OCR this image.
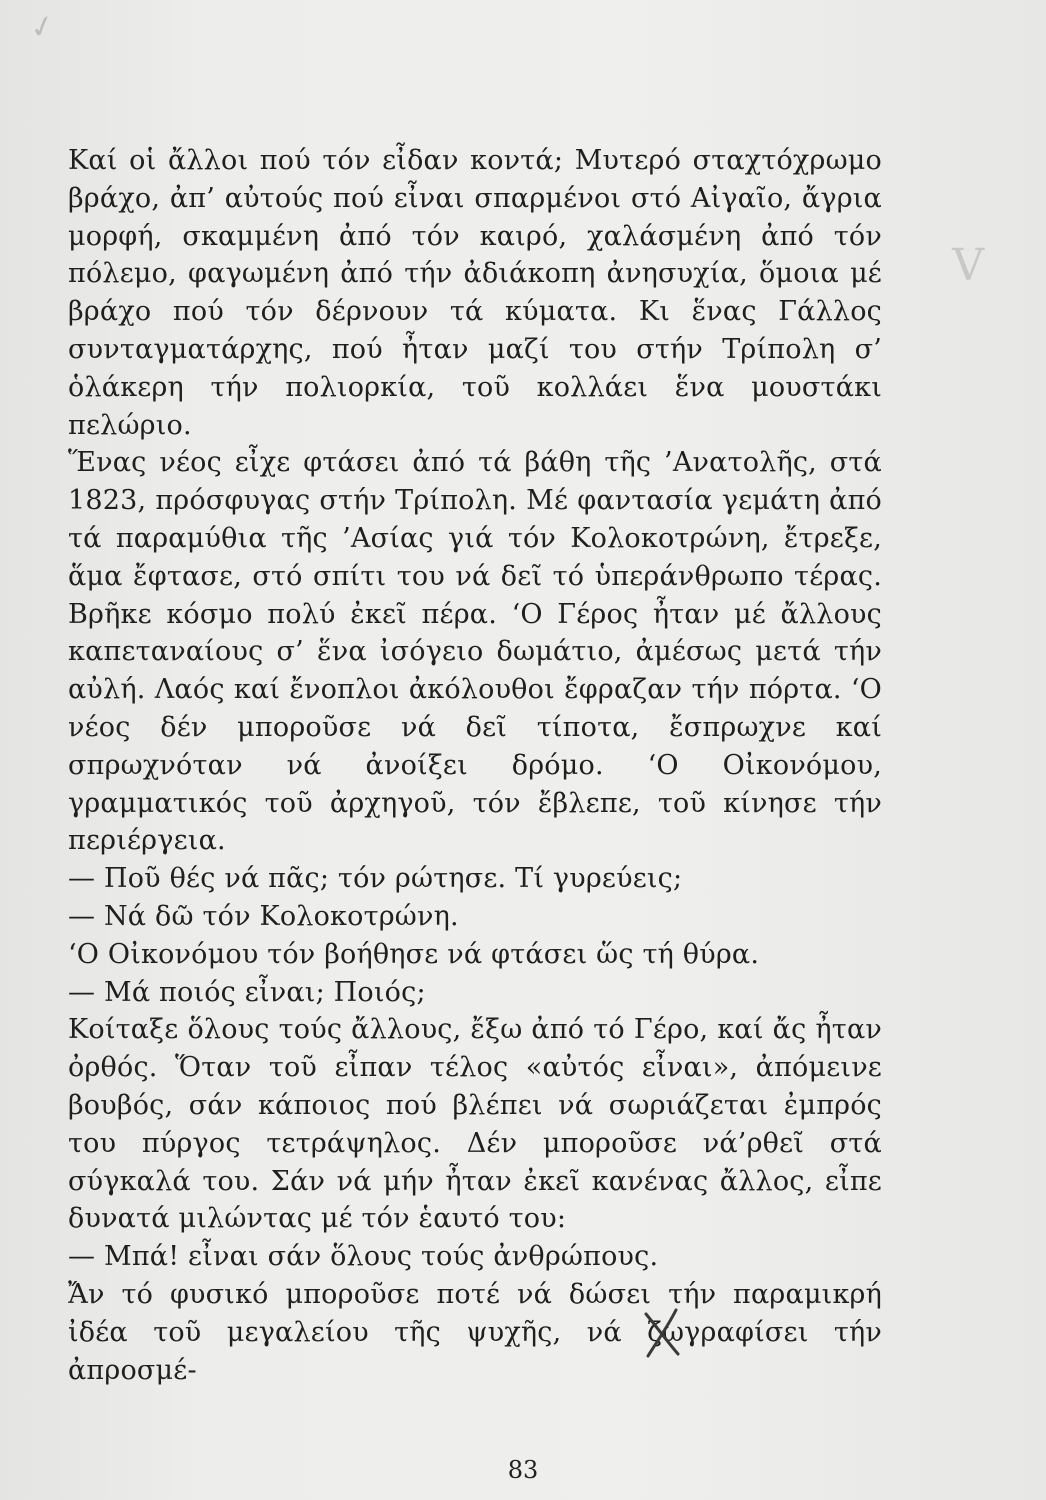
✓
V

Καί οἱ ἄλλοι πού τόν εἶδαν κοντά; Μυτερό σταχτόχρωμο βράχο, ἀπ’ αὐτούς πού εἶναι σπαρμένοι στό Αἰγαῖο, ἄγρια μορφή, σκαμμένη ἀπό τόν καιρό, χαλάσμένη ἀπό τόν πόλεμο, φαγωμένη ἀπό τήν ἀδιάκοπη ἀνησυχία, ὅμοια μέ βράχο πού τόν δέρνουν τά κύματα. Κι ἕνας Γάλλος συνταγματάρχης, πού ἦταν μαζί του στήν Τρίπολη σ’ ὁλάκερη τήν πολιορκία, τοῦ κολλάει ἕνα μουστάκι πελώριο.

Ἕνας νέος εἶχε φτάσει ἀπό τά βάθη τῆς ’Ανατολῆς, στά 1823, πρόσφυγας στήν Τρίπολη. Μέ φαντασία γεμάτη ἀπό τά παραμύθια τῆς ’Ασίας γιά τόν Κολοκοτρώνη, ἔτρεξε, ἅμα ἔφτασε, στό σπίτι του νά δεῖ τό ὑπεράνθρωπο τέρας. Βρῆκε κόσμο πολύ ἐκεῖ πέρα. ‘Ο Γέρος ἦταν μέ ἄλλους καπεταναίους σ’ ἕνα ἰσόγειο δωμάτιο, ἀμέσως μετά τήν αὐλή. Λαός καί ἔνοπλοι ἀκόλουθοι ἔφραζαν τήν πόρτα. ‘Ο νέος δέν μποροῦσε νά δεῖ τίποτα, ἔσπρωχνε καί σπρωχνόταν νά ἀνοίξει δρόμο. ‘Ο Οἰκονόμου, γραμματικός τοῦ ἀρχηγοῦ, τόν ἔβλεπε, τοῦ κίνησε τήν περιέργεια.

— Ποῦ θές νά πᾶς; τόν ρώτησε. Τί γυρεύεις;

— Νά δῶ τόν Κολοκοτρώνη.

‘Ο Οἰκονόμου τόν βοήθησε νά φτάσει ὥς τή θύρα.

— Μά ποιός εἶναι; Ποιός;

Κοίταξε ὅλους τούς ἄλλους, ἔξω ἀπό τό Γέρο, καί ἄς ἦταν ὀρθός. Ὅταν τοῦ εἶπαν τέλος «αὐτός εἶναι», ἀπόμεινε βουβός, σάν κάποιος πού βλέπει νά σωριάζεται ἐμπρός του πύργος τετράψηλος. Δέν μποροῦσε νά’ρθεῖ στά σύγκαλά του. Σάν νά μήν ἦταν ἐκεῖ κανένας ἄλλος, εἶπε δυνατά μιλώντας μέ τόν ἑαυτό του:

— Μπά! εἶναι σάν ὅλους τούς ἀνθρώπους.

Ἄν τό φυσικό μποροῦσε ποτέ νά δώσει τήν παραμικρή ἰδέα τοῦ μεγαλείου τῆς ψυχῆς, νά ζωγραφίσει τήν ἀπροσμέ-

83
